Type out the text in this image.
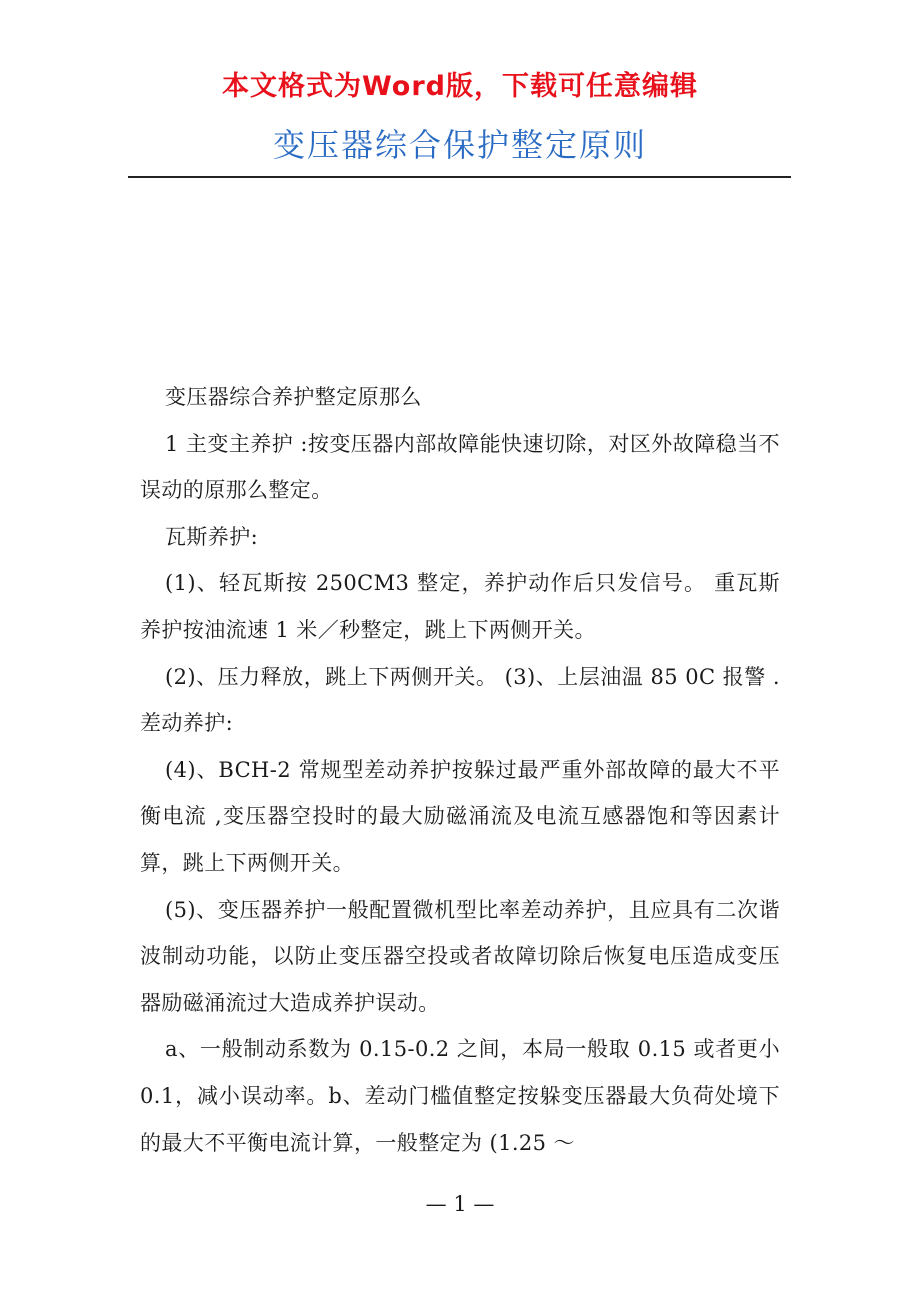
本文格式为Word版，下载可任意编辑
变压器综合保护整定原则

变压器综合养护整定原那么

1 主变主养护 :按变压器内部故障能快速切除，对区外故障稳当不误动的原那么整定。

瓦斯养护:

(1)、轻瓦斯按 250CM3 整定，养护动作后只发信号。 重瓦斯养护按油流速 1 米／秒整定，跳上下两侧开关。

(2)、压力释放，跳上下两侧开关。 (3)、上层油温 85 0C 报警 . 差动养护:

(4)、BCH-2 常规型差动养护按躲过最严重外部故障的最大不平衡电流 ,变压器空投时的最大励磁涌流及电流互感器饱和等因素计算，跳上下两侧开关。

(5)、变压器养护一般配置微机型比率差动养护，且应具有二次谐波制动功能，以防止变压器空投或者故障切除后恢复电压造成变压器励磁涌流过大造成养护误动。

a、一般制动系数为 0.15-0.2 之间，本局一般取 0.15 或者更小 0.1，减小误动率。b、差动门槛值整定按躲变压器最大负荷处境下的最大不平衡电流计算，一般整定为 (1.25 ～

— 1 —
